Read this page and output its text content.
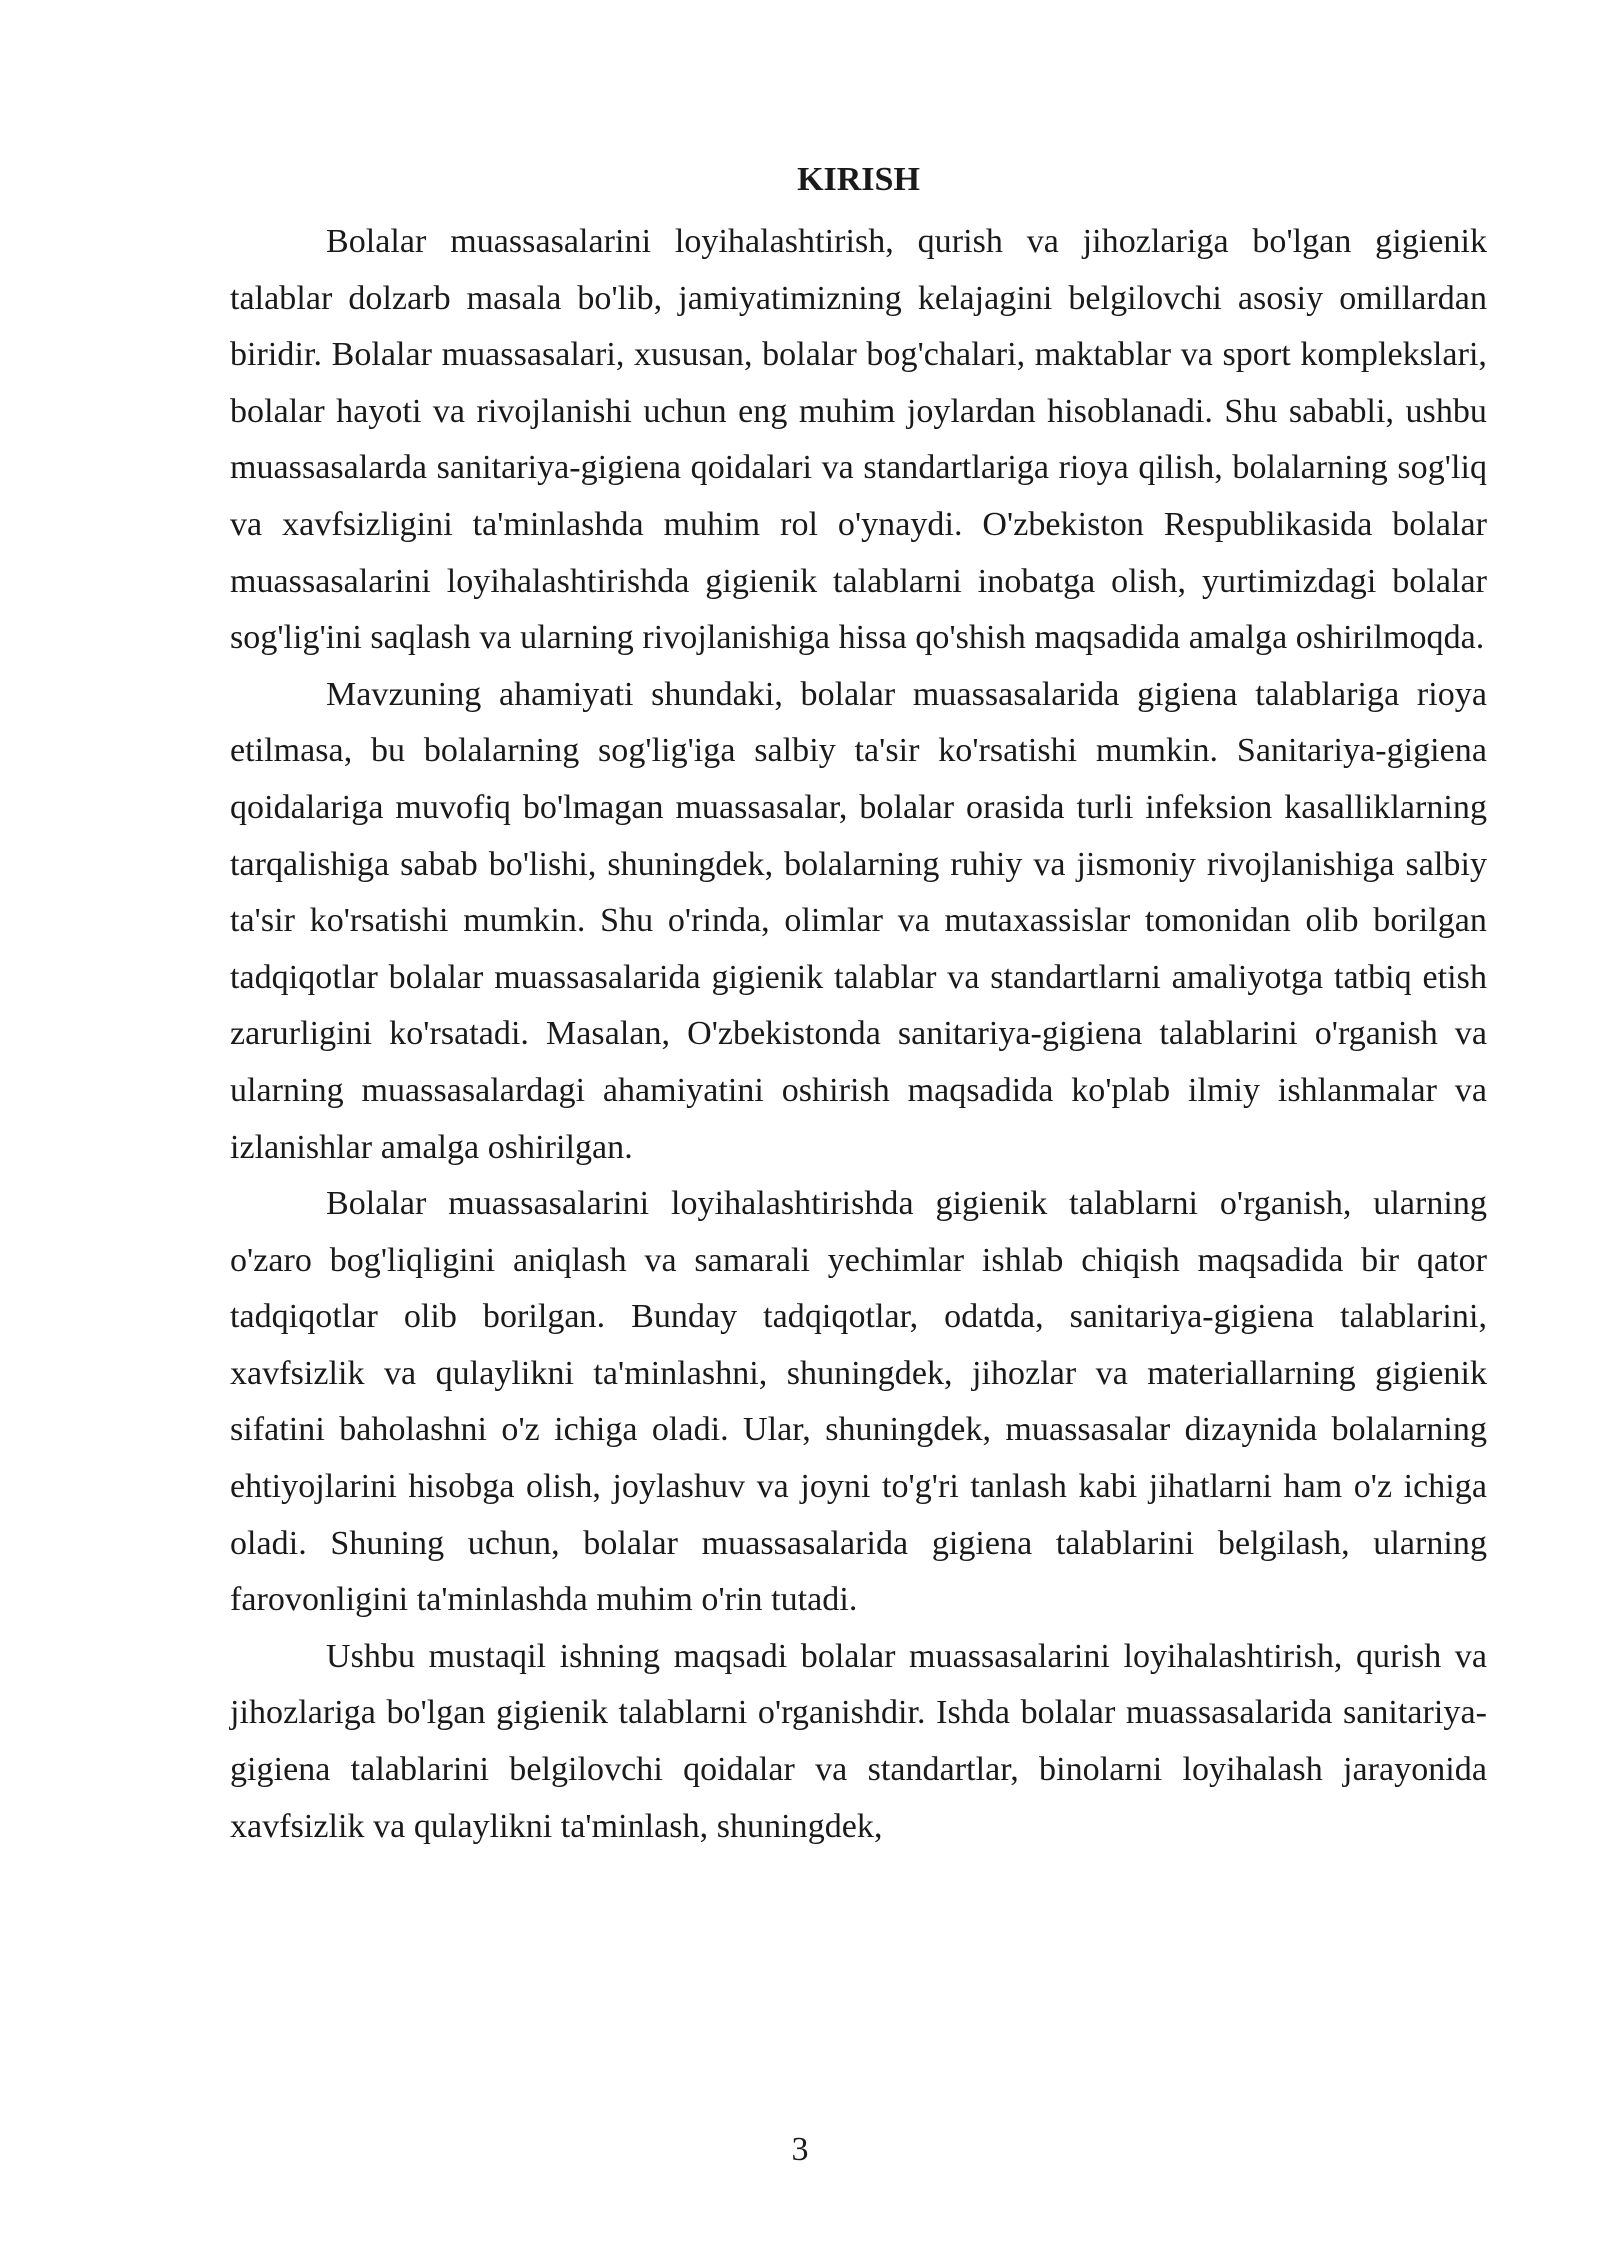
KIRISH

Bolalar muassasalarini loyihalashtirish, qurish va jihozlariga bo'lgan gigienik talablar dolzarb masala bo'lib, jamiyatimizning kelajagini belgilovchi asosiy omillardan biridir. Bolalar muassasalari, xususan, bolalar bog'chalari, maktablar va sport komplekslari, bolalar hayoti va rivojlanishi uchun eng muhim joylardan hisoblanadi. Shu sababli, ushbu muassasalarda sanitariya-gigiena qoidalari va standartlariga rioya qilish, bolalarning sog'liq va xavfsizligini ta'minlashda muhim rol o'ynaydi. O'zbekiston Respublikasida bolalar muassasalarini loyihalashtirishda gigienik talablarni inobatga olish, yurtimizdagi bolalar sog'lig'ini saqlash va ularning rivojlanishiga hissa qo'shish maqsadida amalga oshirilmoqda.

Mavzuning ahamiyati shundaki, bolalar muassasalarida gigiena talablariga rioya etilmasa, bu bolalarning sog'lig'iga salbiy ta'sir ko'rsatishi mumkin. Sanitariya-gigiena qoidalariga muvofiq bo'lmagan muassasalar, bolalar orasida turli infeksion kasalliklarning tarqalishiga sabab bo'lishi, shuningdek, bolalarning ruhiy va jismoniy rivojlanishiga salbiy ta'sir ko'rsatishi mumkin. Shu o'rinda, olimlar va mutaxassislar tomonidan olib borilgan tadqiqotlar bolalar muassasalarida gigienik talablar va standartlarni amaliyotga tatbiq etish zarurligini ko'rsatadi. Masalan, O'zbekistonda sanitariya-gigiena talablarini o'rganish va ularning muassasalardagi ahamiyatini oshirish maqsadida ko'plab ilmiy ishlanmalar va izlanishlar amalga oshirilgan.

Bolalar muassasalarini loyihalashtirishda gigienik talablarni o'rganish, ularning o'zaro bog'liqligini aniqlash va samarali yechimlar ishlab chiqish maqsadida bir qator tadqiqotlar olib borilgan. Bunday tadqiqotlar, odatda, sanitariya-gigiena talablarini, xavfsizlik va qulaylikni ta'minlashni, shuningdek, jihozlar va materiallarning gigienik sifatini baholashni o'z ichiga oladi. Ular, shuningdek, muassasalar dizaynida bolalarning ehtiyojlarini hisobga olish, joylashuv va joyni to'g'ri tanlash kabi jihatlarni ham o'z ichiga oladi. Shuning uchun, bolalar muassasalarida gigiena talablarini belgilash, ularning farovonligini ta'minlashda muhim o'rin tutadi.

Ushbu mustaqil ishning maqsadi bolalar muassasalarini loyihalashtirish, qurish va jihozlariga bo'lgan gigienik talablarni o'rganishdir. Ishda bolalar muassasalarida sanitariya-gigiena talablarini belgilovchi qoidalar va standartlar, binolarni loyihalash jarayonida xavfsizlik va qulaylikni ta'minlash, shuningdek,

3
